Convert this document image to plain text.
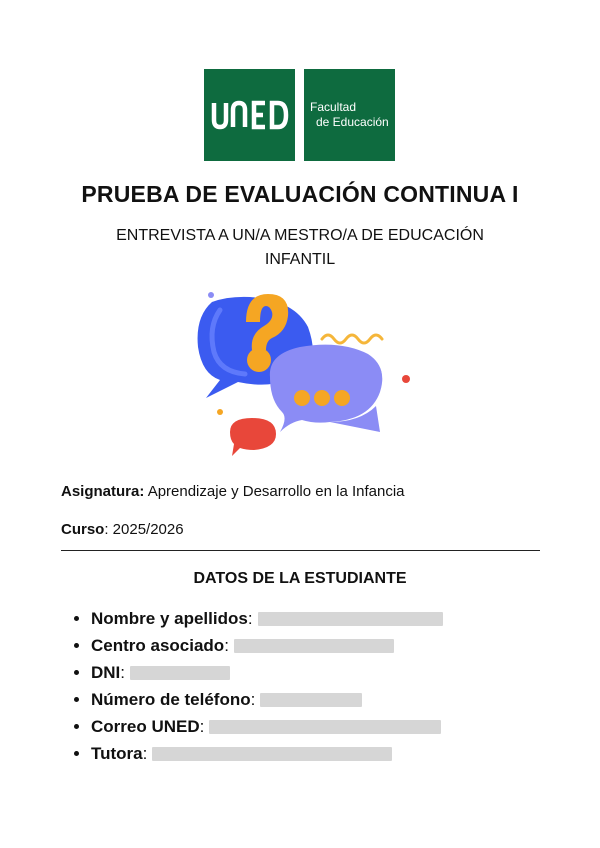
Facultad
de Educación
PRUEBA DE EVALUACIÓN CONTINUA I
ENTREVISTA A UN/A MESTRO/A DE EDUCACIÓN INFANTIL
Asignatura: Aprendizaje y Desarrollo en la Infancia
Curso: 2025/2026
DATOS DE LA ESTUDIANTE
Nombre y apellidos :
Centro asociado :
DNI :
Número de teléfono :
Correo UNED :
Tutora :
